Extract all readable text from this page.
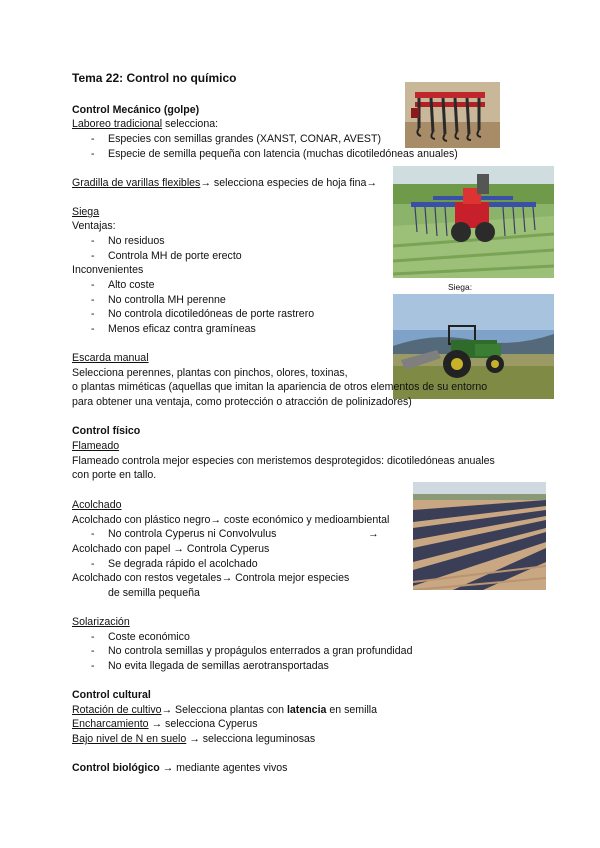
Tema 22: Control no químico
Control Mecánico (golpe)
Laboreo tradicional selecciona:
- Especies con semillas grandes (XANST, CONAR, AVEST)
- Especie de semilla pequeña con latencia (muchas dicotiledóneas anuales)
Gradilla de varillas flexibles→ selecciona especies de hoja fina→
Siega
Ventajas:
- No residuos
- Controla MH de porte erecto
Inconvenientes
- Alto coste
- No controlla MH perenne
- No controla dicotiledóneas de porte rastrero
- Menos eficaz contra gramíneas
Siega:
Escarda manual
Selecciona perennes, plantas con pinchos, olores, toxinas,
o plantas miméticas (aquellas que imitan la apariencia de otros elementos de su entorno
para obtener una ventaja, como protección o atracción de polinizadores)
Control físico
Flameado
Flameado controla mejor especies con meristemos desprotegidos: dicotiledóneas anuales
con porte en tallo.
Acolchado
Acolchado con plástico negro→ coste económico y medioambiental
- No controla Cyperus ni Convolvulus	→
Acolchado con papel → Controla Cyperus
- Se degrada rápido el acolchado
Acolchado con restos vegetales→ Controla mejor especies
de semilla pequeña
Solarización
- Coste económico
- No controla semillas y propágulos enterrados a gran profundidad
- No evita llegada de semillas aerotransportadas
Control cultural
Rotación de cultivo→ Selecciona plantas con latencia en semilla
Encharcamiento → selecciona Cyperus
Bajo nivel de N en suelo → selecciona leguminosas
Control biológico → mediante agentes vivos
